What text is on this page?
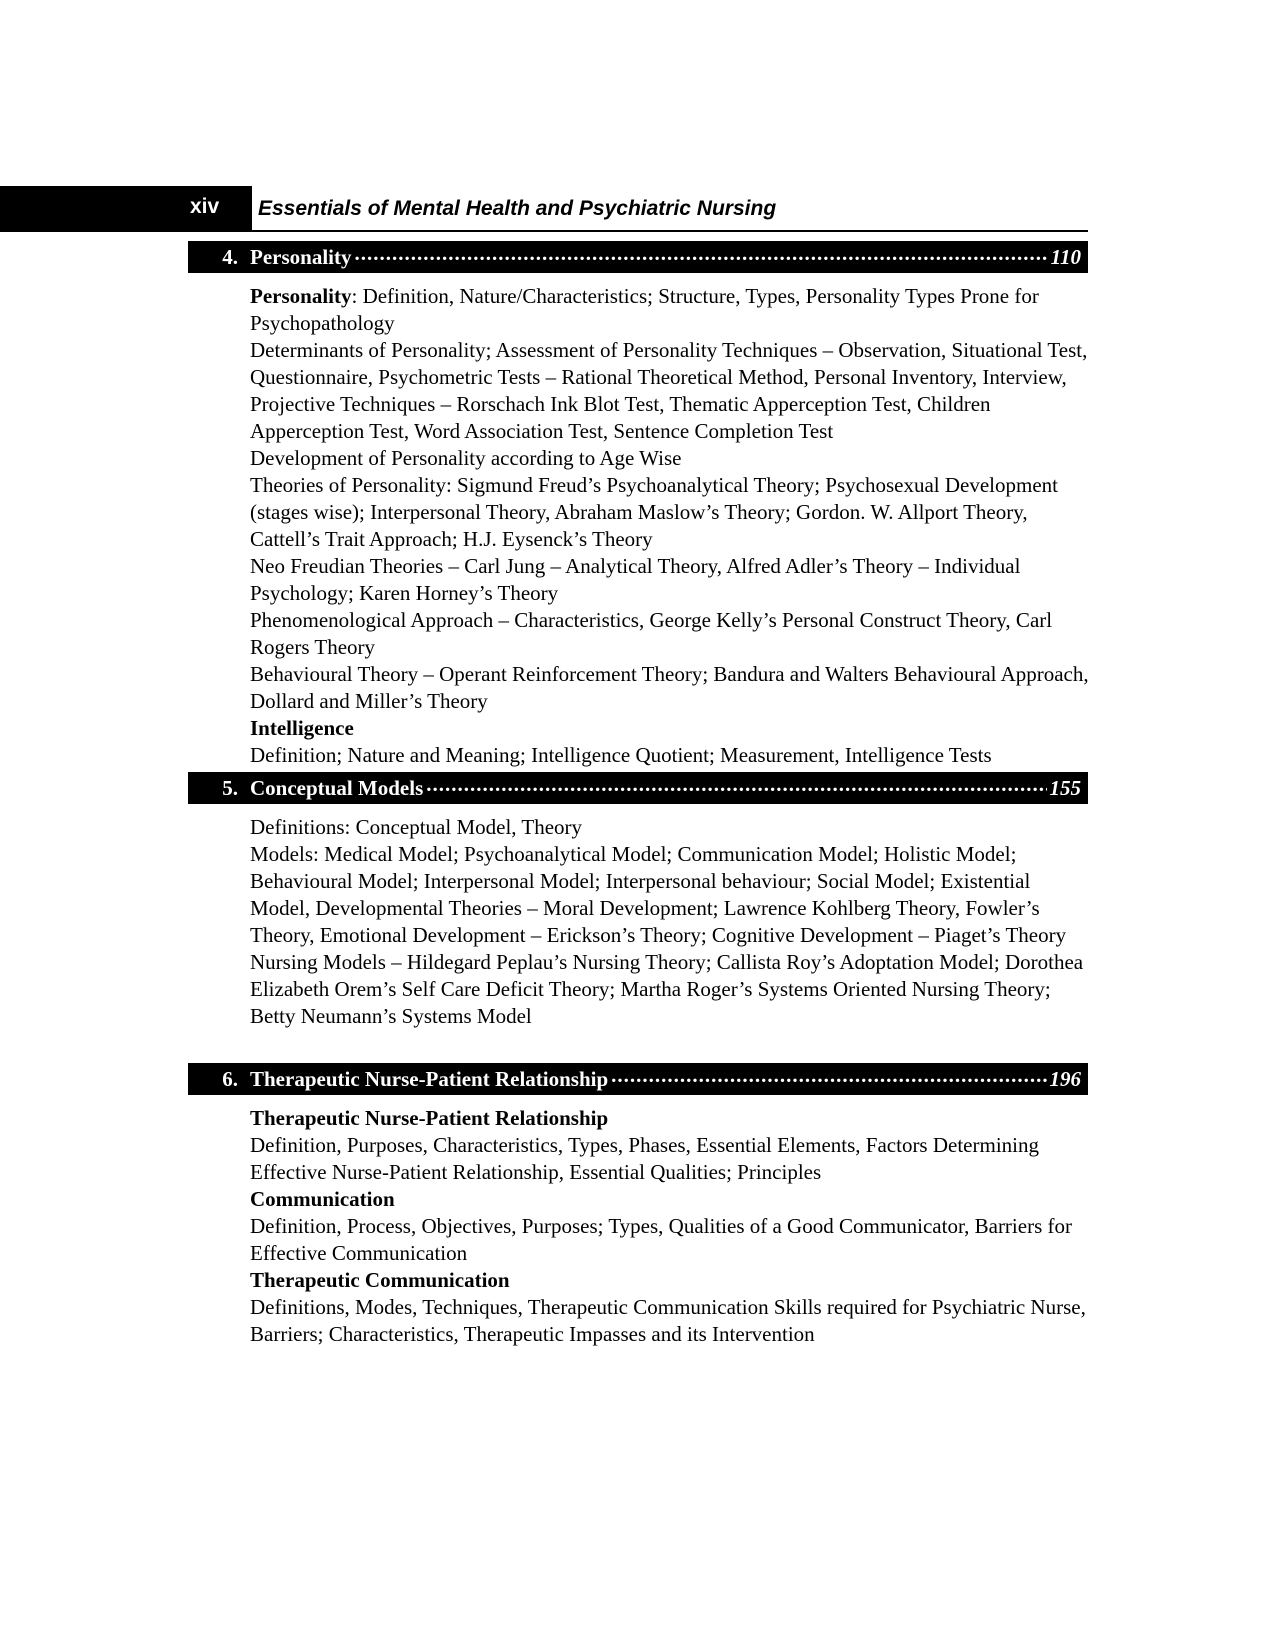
xiv Essentials of Mental Health and Psychiatric Nursing
4. Personality .....	110

Personality: Definition, Nature/Characteristics; Structure, Types, Personality Types Prone for Psychopathology

Determinants of Personality; Assessment of Personality Techniques – Observation, Situational Test, Questionnaire, Psychometric Tests – Rational Theoretical Method, Personal Inventory, Interview, Projective Techniques – Rorschach Ink Blot Test, Thematic Apperception Test, Children Apperception Test, Word Association Test, Sentence Completion Test

Development of Personality according to Age Wise

Theories of Personality: Sigmund Freud’s Psychoanalytical Theory; Psychosexual Development (stages wise); Interpersonal Theory, Abraham Maslow’s Theory; Gordon. W. Allport Theory, Cattell’s Trait Approach; H.J. Eysenck’s Theory

Neo Freudian Theories – Carl Jung – Analytical Theory, Alfred Adler’s Theory – Individual Psychology; Karen Horney’s Theory

Phenomenological Approach – Characteristics, George Kelly’s Personal Construct Theory, Carl Rogers Theory

Behavioural Theory – Operant Reinforcement Theory; Bandura and Walters Behavioural Approach, Dollard and Miller’s Theory

Intelligence

Definition; Nature and Meaning; Intelligence Quotient; Measurement, Intelligence Tests

5. Conceptual Models .....	155

Definitions: Conceptual Model, Theory

Models: Medical Model; Psychoanalytical Model; Communication Model; Holistic Model; Behavioural Model; Interpersonal Model; Interpersonal behaviour; Social Model; Existential Model, Developmental Theories – Moral Development; Lawrence Kohlberg Theory, Fowler’s Theory, Emotional Development – Erickson’s Theory; Cognitive Development – Piaget’s Theory

Nursing Models – Hildegard Peplau’s Nursing Theory; Callista Roy’s Adoptation Model; Dorothea Elizabeth Orem’s Self Care Deficit Theory; Martha Roger’s Systems Oriented Nursing Theory; Betty Neumann’s Systems Model

6. Therapeutic Nurse-Patient Relationship .....	196

Therapeutic Nurse-Patient Relationship

Definition, Purposes, Characteristics, Types, Phases, Essential Elements, Factors Determining Effective Nurse-Patient Relationship, Essential Qualities; Principles

Communication

Definition, Process, Objectives, Purposes; Types, Qualities of a Good Communicator, Barriers for Effective Communication

Therapeutic Communication

Definitions, Modes, Techniques, Therapeutic Communication Skills required for Psychiatric Nurse, Barriers; Characteristics, Therapeutic Impasses and its Intervention
